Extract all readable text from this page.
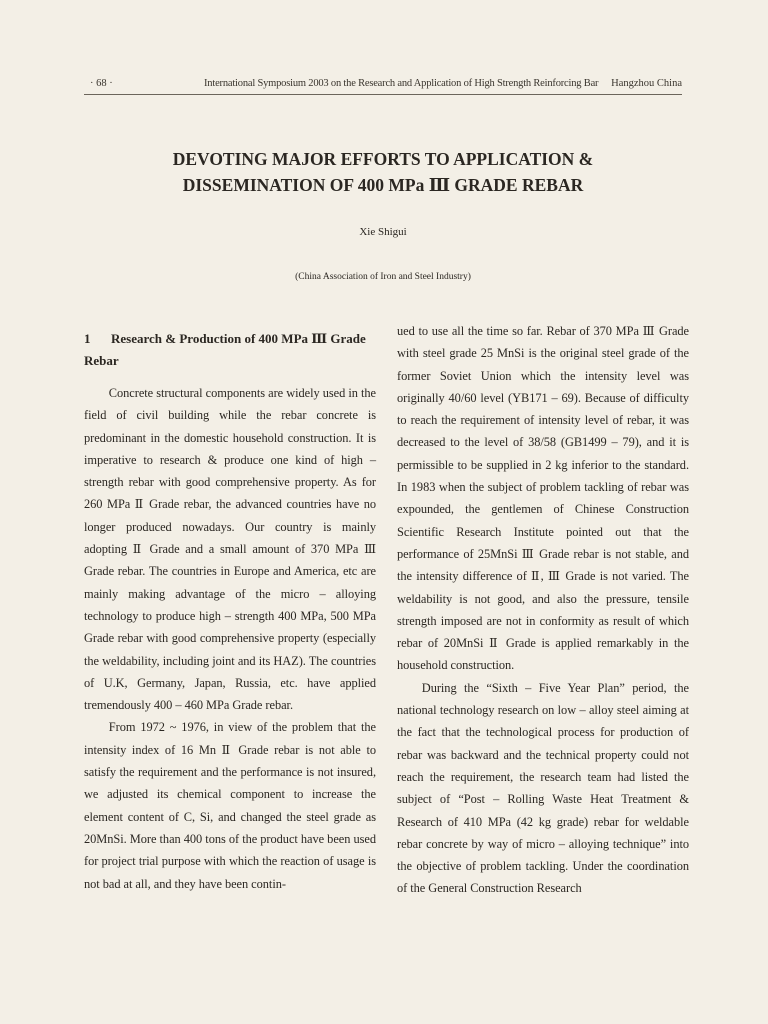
· 68 ·	International Symposium 2003 on the Research and Application of High Strength Reinforcing Bar Hangzhou China
DEVOTING MAJOR EFFORTS TO APPLICATION &
DISSEMINATION OF 400 MPa Ⅲ GRADE REBAR
Xie Shigui
(China Association of Iron and Steel Industry)
1 Research & Production of 400 MPa Ⅲ Grade Rebar

Concrete structural components are widely used in the field of civil building while the rebar concrete is predominant in the domestic household construction. It is imperative to research & produce one kind of high – strength rebar with good comprehensive property. As for 260 MPa Ⅱ Grade rebar, the advanced countries have no longer produced nowadays. Our country is mainly adopting Ⅱ Grade and a small amount of 370 MPa Ⅲ Grade rebar. The countries in Europe and America, etc are mainly making advantage of the micro – alloying technology to produce high – strength 400 MPa, 500 MPa Grade rebar with good comprehensive property (especially the weldability, including joint and its HAZ). The countries of U.K, Germany, Japan, Russia, etc. have applied tremendously 400 – 460 MPa Grade rebar.

From 1972 ~ 1976, in view of the problem that the intensity index of 16 Mn Ⅱ Grade rebar is not able to satisfy the requirement and the performance is not insured, we adjusted its chemical component to increase the element content of C, Si, and changed the steel grade as 20MnSi. More than 400 tons of the product have been used for project trial purpose with which the reaction of usage is not bad at all, and they have been contin-

ued to use all the time so far. Rebar of 370 MPa Ⅲ Grade with steel grade 25 MnSi is the original steel grade of the former Soviet Union which the intensity level was originally 40/60 level (YB171 – 69). Because of difficulty to reach the requirement of intensity level of rebar, it was decreased to the level of 38/58 (GB1499 – 79), and it is permissible to be supplied in 2 kg inferior to the standard. In 1983 when the subject of problem tackling of rebar was expounded, the gentlemen of Chinese Construction Scientific Research Institute pointed out that the performance of 25MnSi Ⅲ Grade rebar is not stable, and the intensity difference of Ⅱ, Ⅲ Grade is not varied. The weldability is not good, and also the pressure, tensile strength imposed are not in conformity as result of which rebar of 20MnSi Ⅱ Grade is applied remarkably in the household construction.

During the “Sixth – Five Year Plan” period, the national technology research on low – alloy steel aiming at the fact that the technological process for production of rebar was backward and the technical property could not reach the requirement, the research team had listed the subject of “Post – Rolling Waste Heat Treatment & Research of 410 MPa (42 kg grade) rebar for weldable rebar concrete by way of micro – alloying technique” into the objective of problem tackling. Under the coordination of the General Construction Research
